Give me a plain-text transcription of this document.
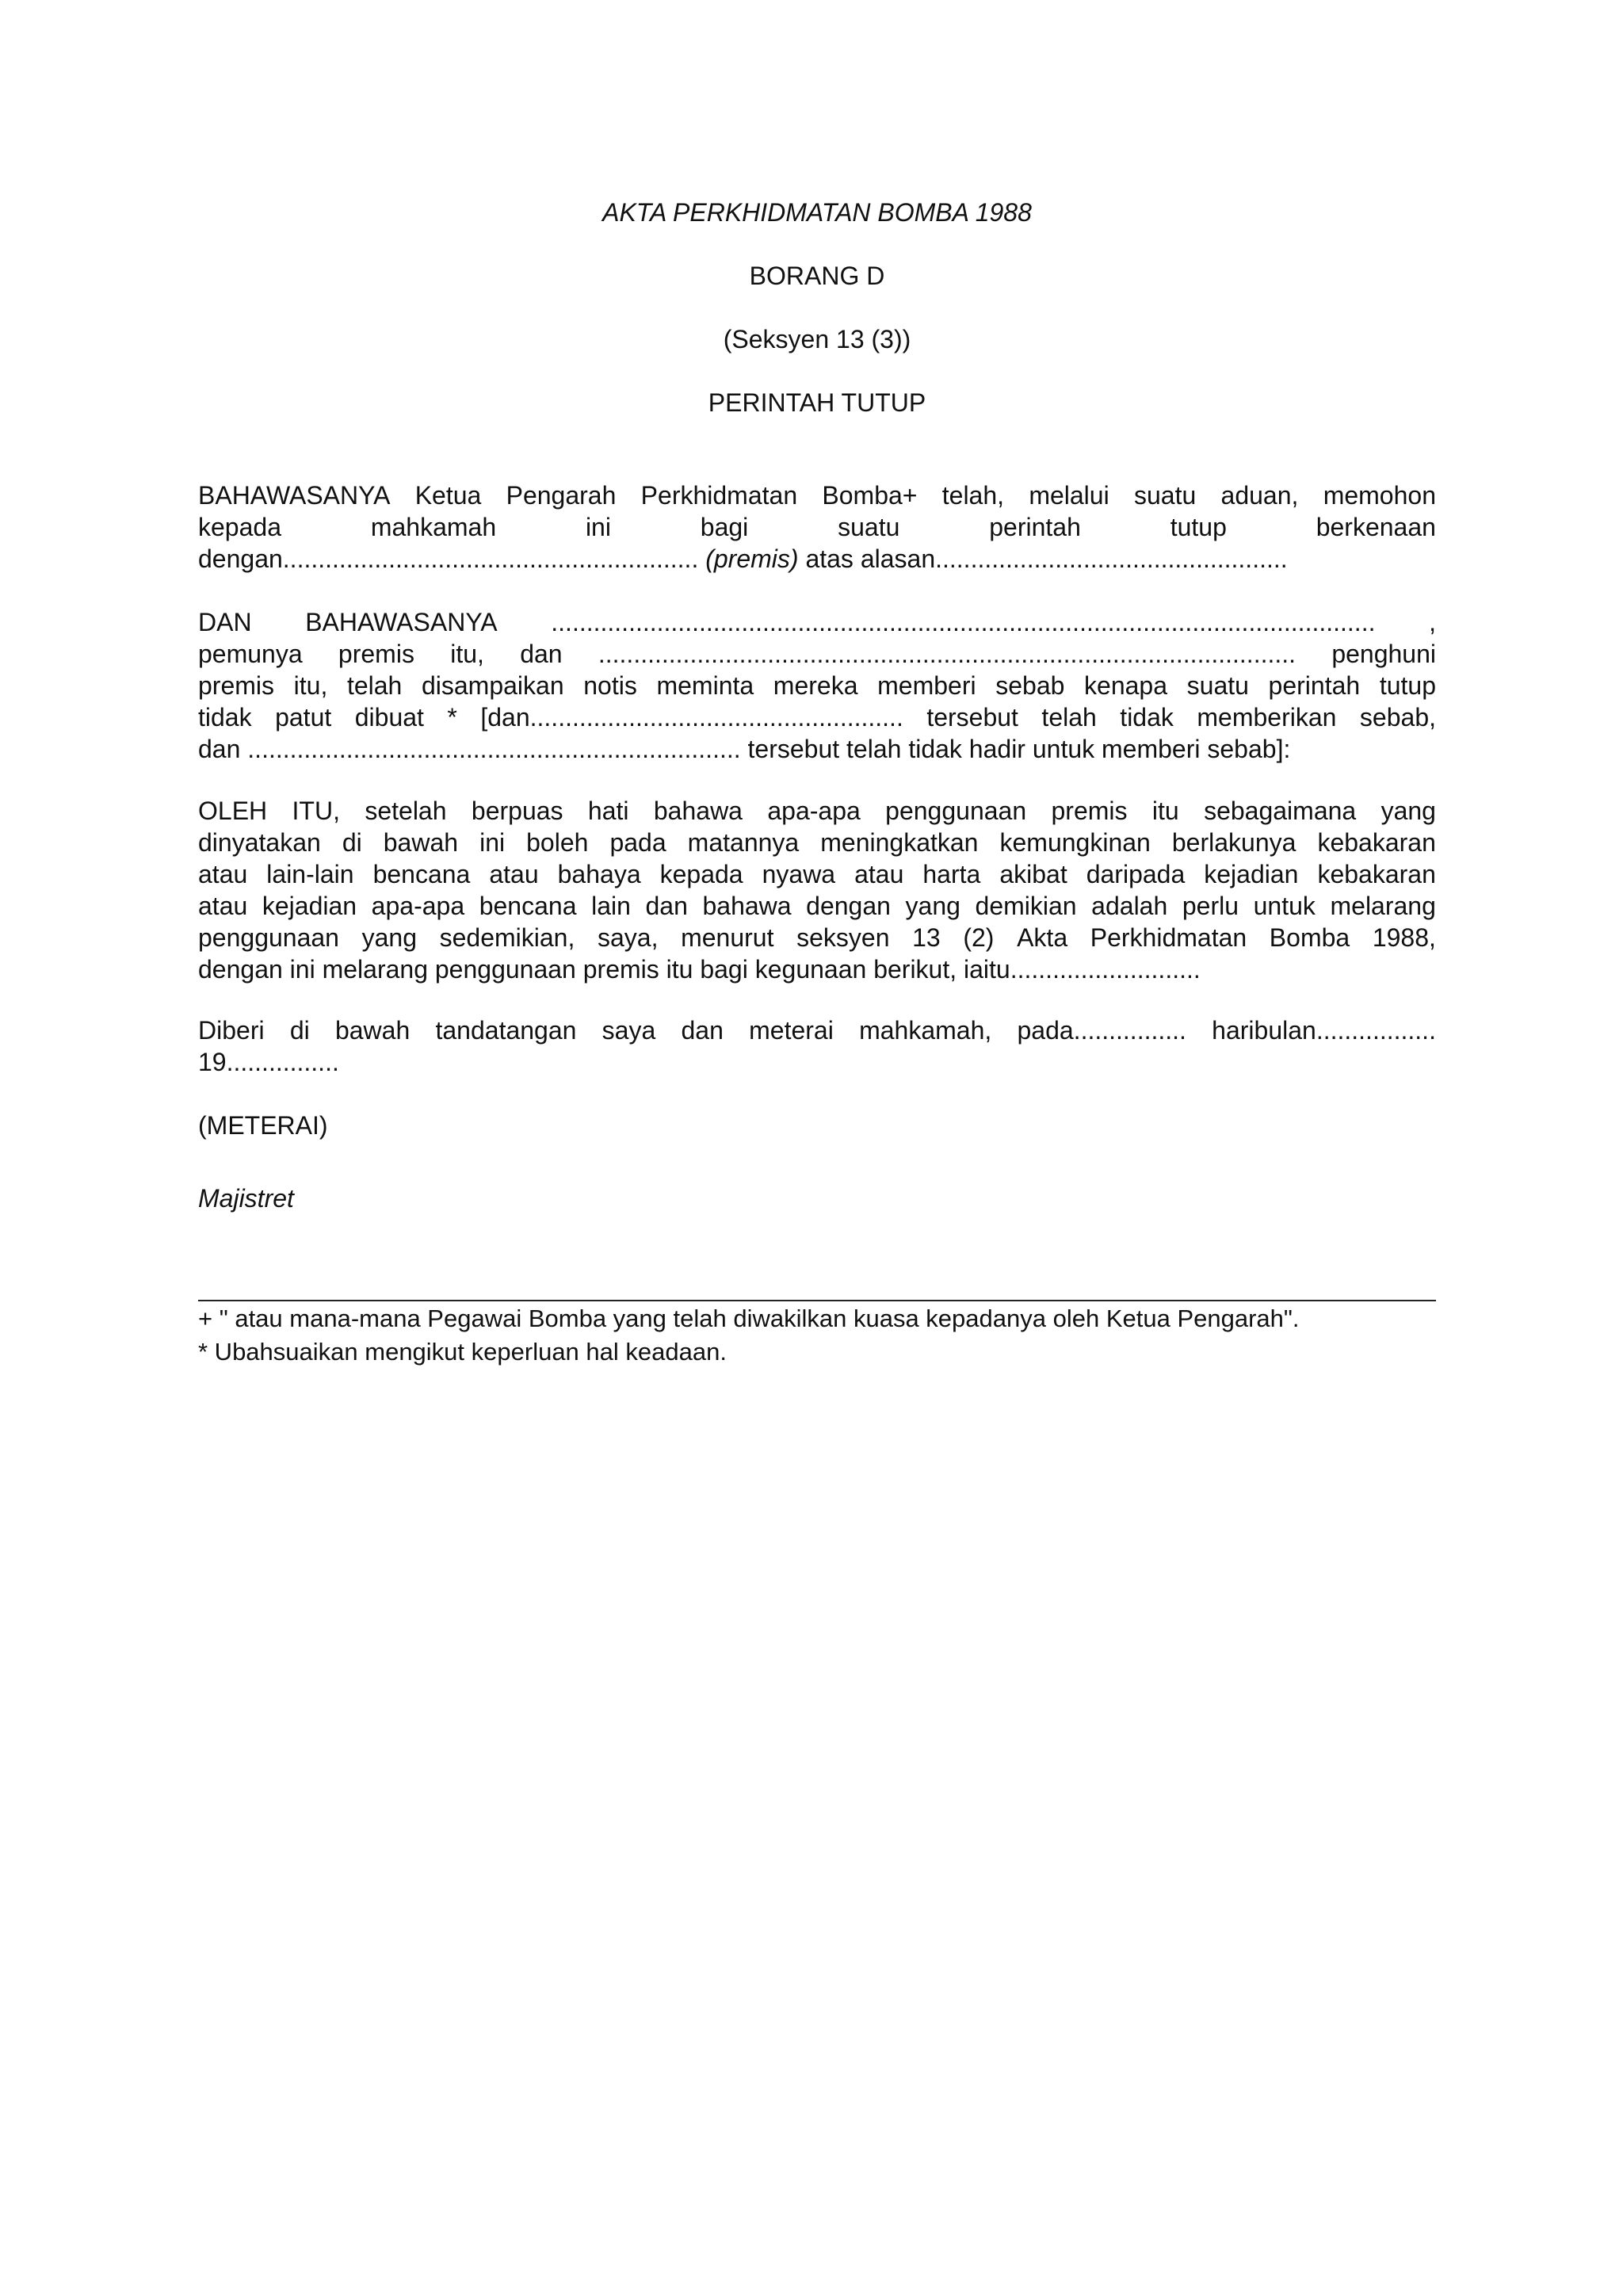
AKTA PERKHIDMATAN BOMBA 1988

BORANG D

(Seksyen 13 (3))

PERINTAH TUTUP

BAHAWASANYA Ketua Pengarah Perkhidmatan Bomba+ telah, melalui suatu aduan, memohon
kepada	mahkamah	ini	bagi	suatu	perintah	tutup	berkenaan
dengan........................................................... (premis) atas alasan..................................................
DAN BAHAWASANYA ..................................................................................................................... ,
pemunya premis itu, dan ................................................................................................... penghuni
premis itu, telah disampaikan notis meminta mereka memberi sebab kenapa suatu perintah tutup
tidak patut dibuat * [dan..................................................... tersebut telah tidak memberikan sebab,
dan ...................................................................... tersebut telah tidak hadir untuk memberi sebab]:
OLEH ITU, setelah berpuas hati bahawa apa-apa penggunaan premis itu sebagaimana yang
dinyatakan di bawah ini boleh pada matannya meningkatkan kemungkinan berlakunya kebakaran
atau lain-lain bencana atau bahaya kepada nyawa atau harta akibat daripada kejadian kebakaran
atau kejadian apa-apa bencana lain dan bahawa dengan yang demikian adalah perlu untuk melarang
penggunaan yang sedemikian, saya, menurut seksyen 13 (2) Akta Perkhidmatan Bomba 1988,
dengan ini melarang penggunaan premis itu bagi kegunaan berikut, iaitu...........................
Diberi di bawah tandatangan saya dan meterai mahkamah, pada................ haribulan.................
19................

(METERAI)

Majistret

+ " atau mana-mana Pegawai Bomba yang telah diwakilkan kuasa kepadanya oleh Ketua Pengarah".

* Ubahsuaikan mengikut keperluan hal keadaan.
